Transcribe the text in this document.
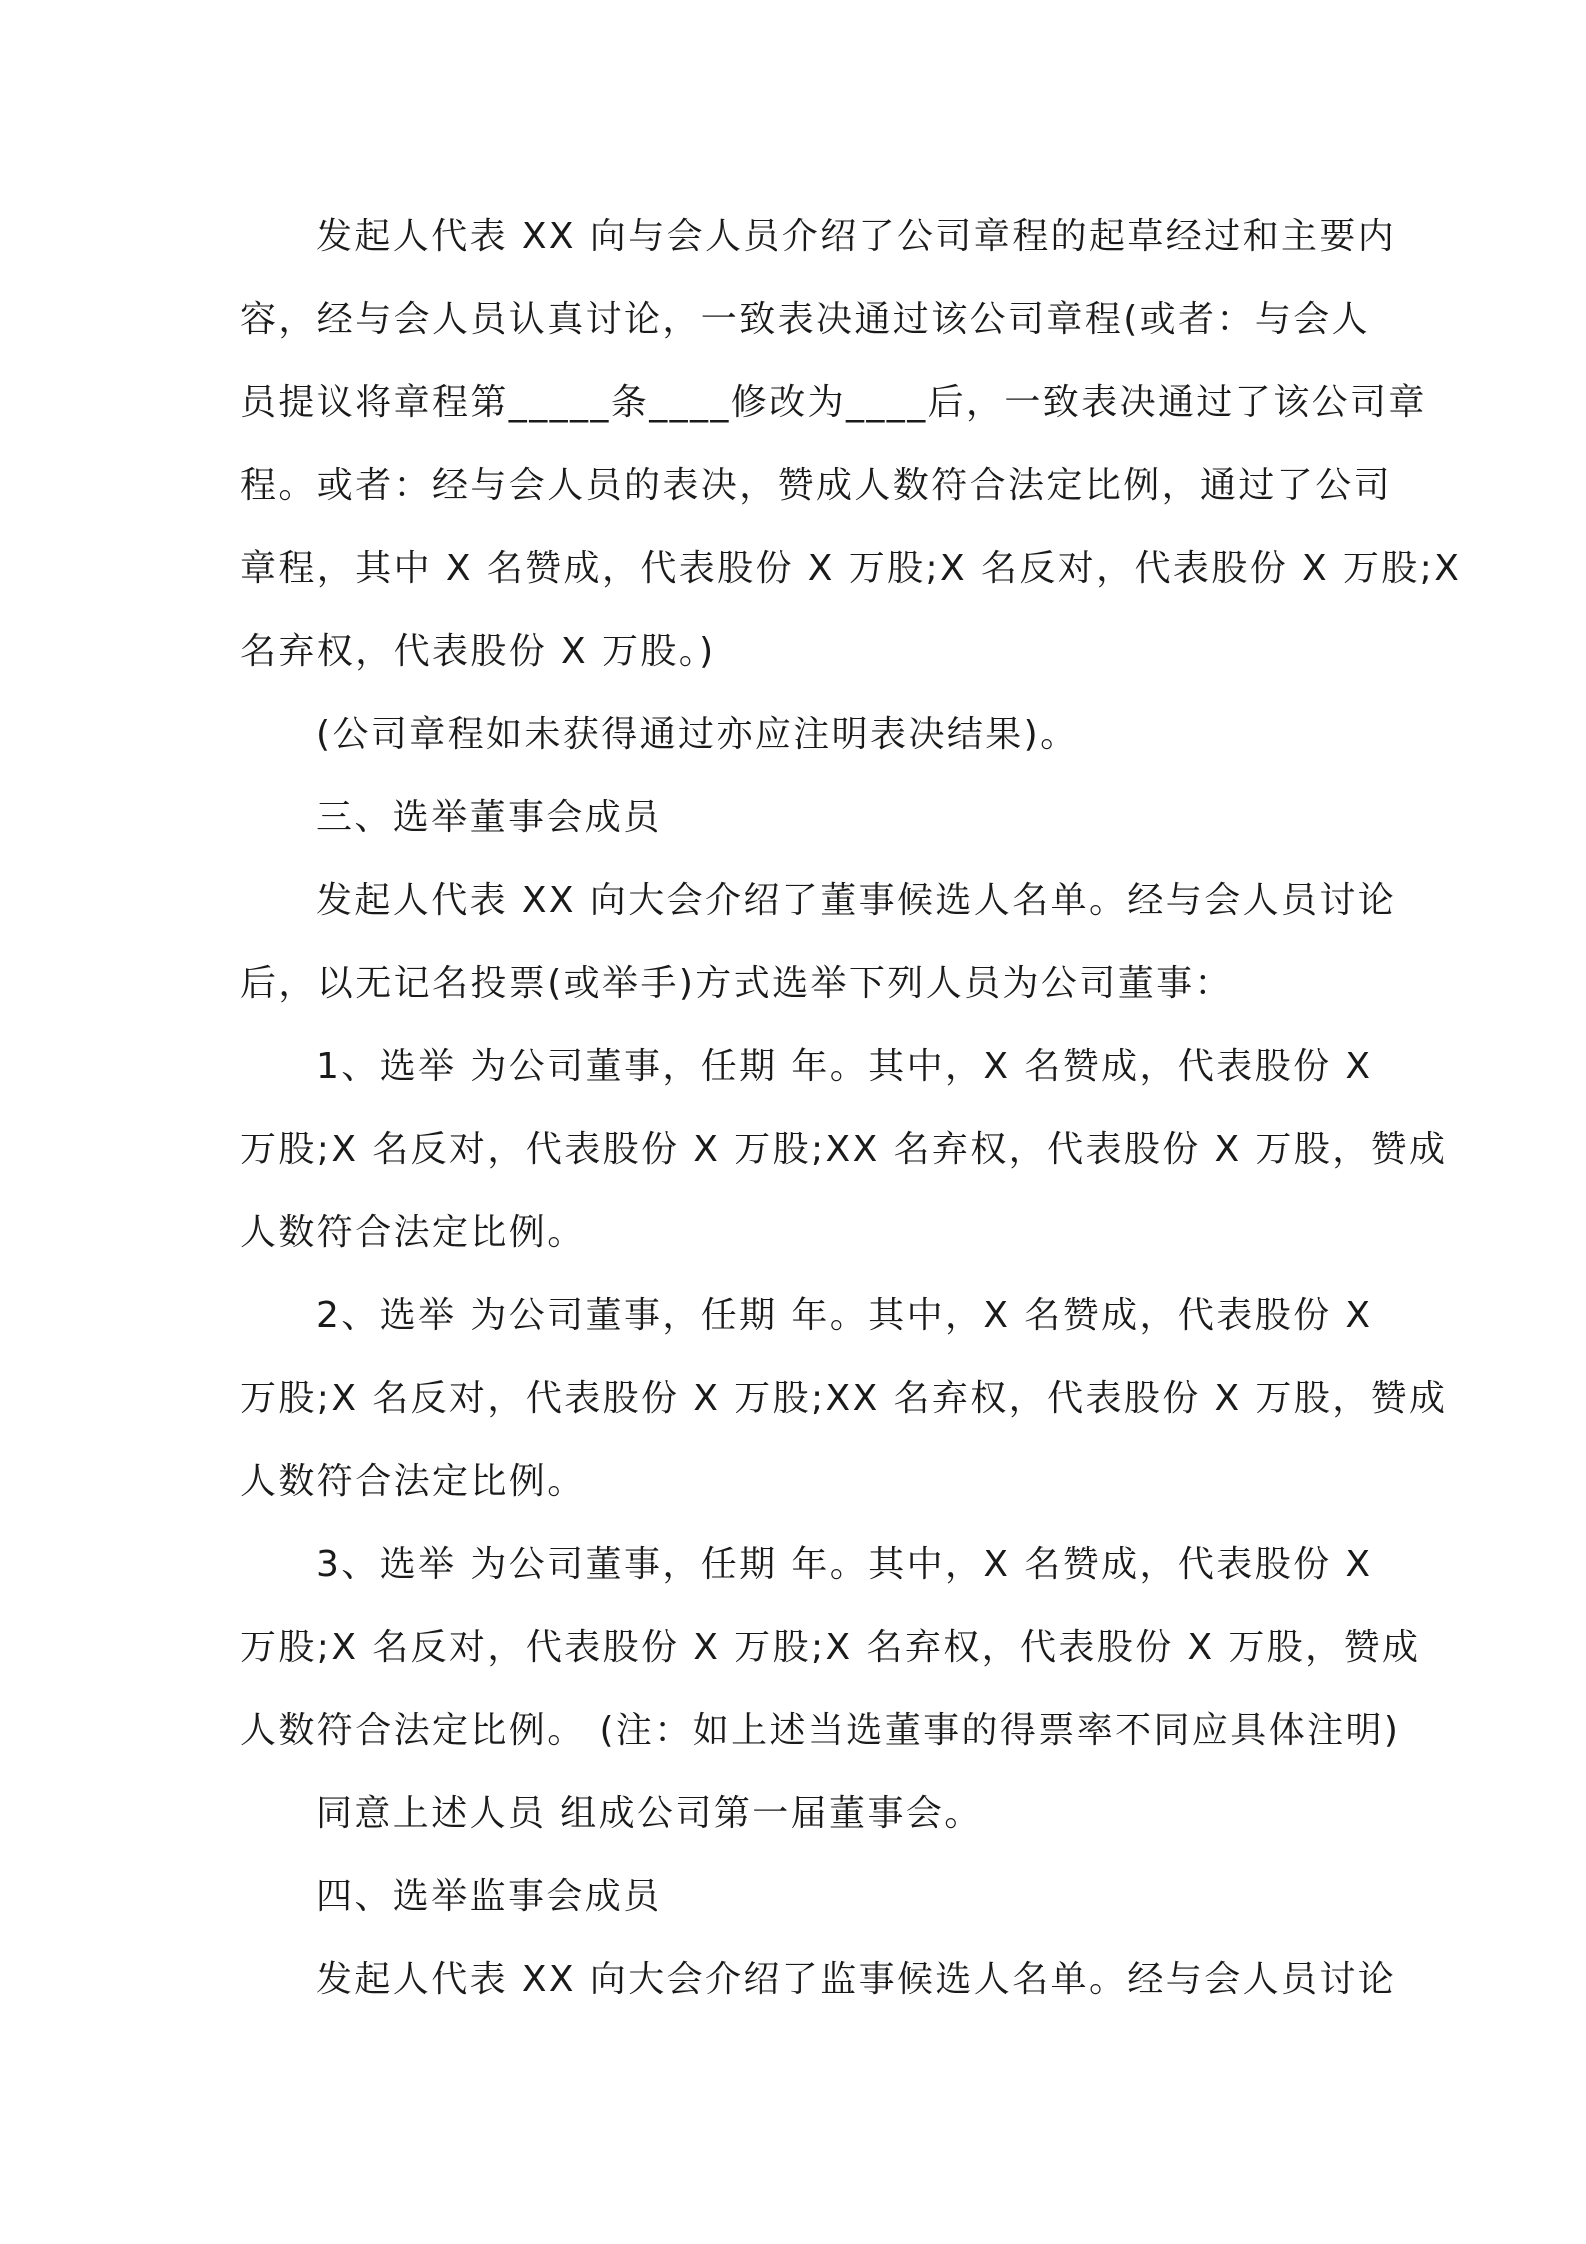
发起人代表 XX 向与会人员介绍了公司章程的起草经过和主要内
容，经与会人员认真讨论，一致表决通过该公司章程(或者：与会人
员提议将章程第_____条____修改为____后，一致表决通过了该公司章
程。或者：经与会人员的表决，赞成人数符合法定比例，通过了公司
章程，其中 X 名赞成，代表股份 X 万股;X 名反对，代表股份 X 万股;X
名弃权，代表股份 X 万股。)
(公司章程如未获得通过亦应注明表决结果)。
三、选举董事会成员
发起人代表 XX 向大会介绍了董事候选人名单。经与会人员讨论
后，以无记名投票(或举手)方式选举下列人员为公司董事：
1、选举 为公司董事，任期 年。其中，X 名赞成，代表股份 X
万股;X 名反对，代表股份 X 万股;XX 名弃权，代表股份 X 万股，赞成
人数符合法定比例。
2、选举 为公司董事，任期 年。其中，X 名赞成，代表股份 X
万股;X 名反对，代表股份 X 万股;XX 名弃权，代表股份 X 万股，赞成
人数符合法定比例。
3、选举 为公司董事，任期 年。其中，X 名赞成，代表股份 X
万股;X 名反对，代表股份 X 万股;X 名弃权，代表股份 X 万股，赞成
人数符合法定比例。 (注：如上述当选董事的得票率不同应具体注明)
同意上述人员 组成公司第一届董事会。
四、选举监事会成员
发起人代表 XX 向大会介绍了监事候选人名单。经与会人员讨论
